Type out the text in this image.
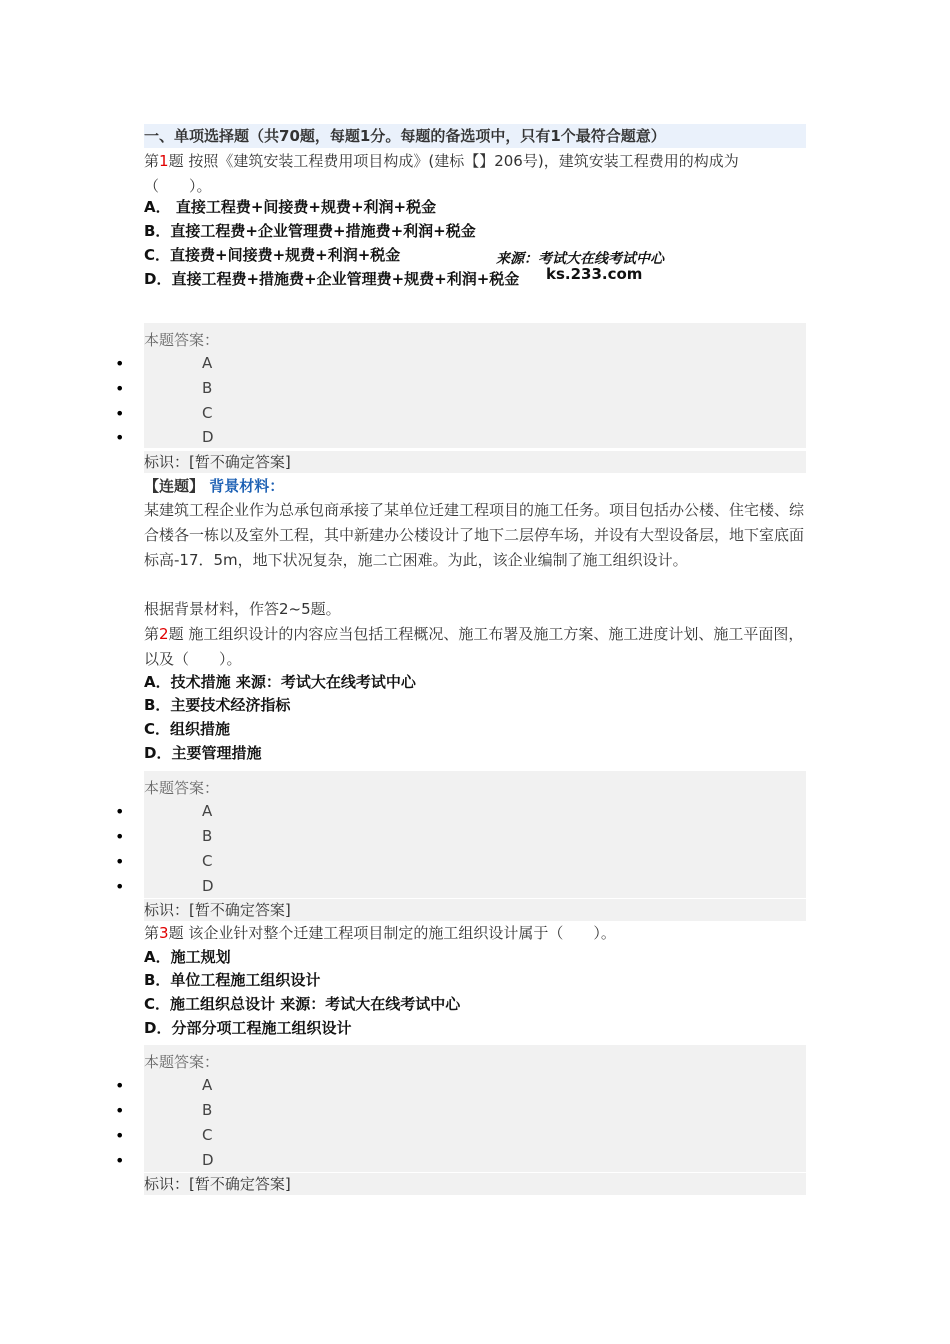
一、单项选择题（共70题，每题1分。每题的备选项中，只有1个最符合题意）
第1题 按照《建筑安装工程费用项目构成》(建标【】206号)，建筑安装工程费用的构成为（　　）。
A． 直接工程费+间接费+规费+利润+税金
B．直接工程费+企业管理费+措施费+利润+税金
C．直接费+间接费+规费+利润+税金
D．直接工程费+措施费+企业管理费+规费+利润+税金
来源：考试大在线考试中心
ks.233.com
本题答案：
•	A
•	B
•	C
•	D
标识：[暂不确定答案]
【连题】 背景材料：
某建筑工程企业作为总承包商承接了某单位迁建工程项目的施工任务。项目包括办公楼、住宅楼、综合楼各一栋以及室外工程，其中新建办公楼设计了地下二层停车场，并设有大型设备层，地下室底面标高-17．5m，地下状况复杂，施二亡困难。为此，该企业编制了施工组织设计。
根据背景材料，作答2~5题。
第2题 施工组织设计的内容应当包括工程概况、施工布署及施工方案、施工进度计划、施工平面图，以及（　　）。
A．技术措施 来源：考试大在线考试中心
B．主要技术经济指标
C．组织措施
D．主要管理措施
本题答案：
•	A
•	B
•	C
•	D
标识：[暂不确定答案]
第3题 该企业针对整个迁建工程项目制定的施工组织设计属于（　　）。
A．施工规划
B．单位工程施工组织设计
C．施工组织总设计 来源：考试大在线考试中心
D．分部分项工程施工组织设计
本题答案：
•	A
•	B
•	C
•	D
标识：[暂不确定答案]
